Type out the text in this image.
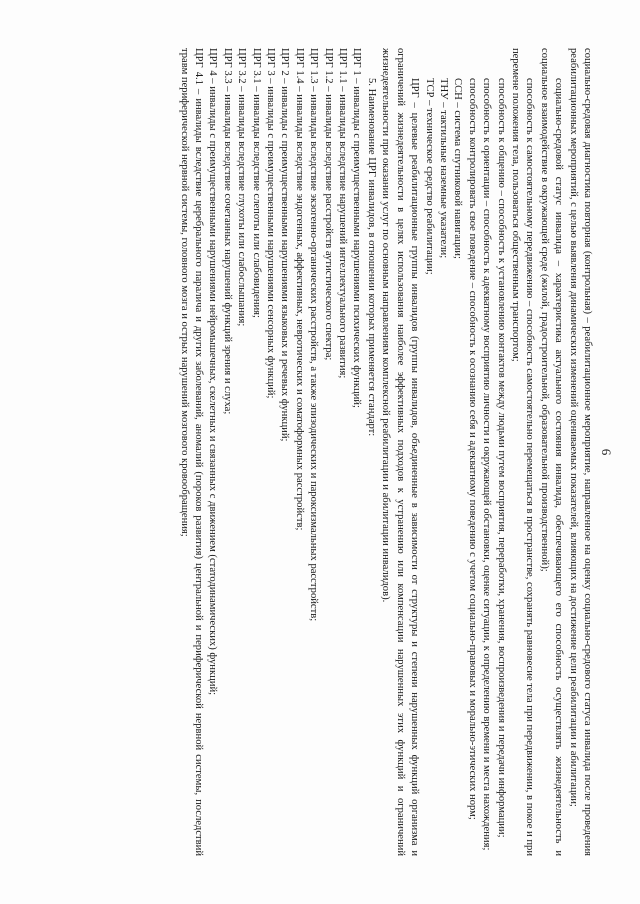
6

социально-средовая диагностика повторная (контрольная) – реабилитационное мероприятие, направленное на оценку социально-средового статуса инвалида после проведения реабилитационных мероприятий, с целью выявления динамических изменений оцениваемых показателей, влияющих на достижение цели реабилитации и абилитации;

социально-средовой статус инвалида – характеристика актуального состояния инвалида, обеспечивающего его способность осуществлять жизнедеятельность и социальное взаимодействие в окружающей среде (жилой, градостроительной, образовательной производственной);

способность к самостоятельному передвижению – способность самостоятельно перемещаться в пространстве, сохранять равновесие тела при передвижении, в покое и при перемене положения тела, пользоваться общественным транспортом;

способность к общению – способность к установлению контактов между людьми путем восприятия, переработки, хранения, воспроизведения и передачи информации;

способность к ориентации – способность к адекватному восприятию личности и окружающей обстановки, оценке ситуации, к определению времени и места нахождения;

способность контролировать свое поведение – способность к осознанию себя и адекватному поведению с учетом социально-правовых и морально-этических норм;

ССН – система спутниковой навигации;

ТНУ – тактильные наземные указатели;

ТСР – техническое средство реабилитации;

ЦРГ – целевые реабилитационные группы инвалидов (группы инвалидов, объединенные в зависимости от структуры и степени нарушенных функций организма и ограничений жизнедеятельности в целях использования наиболее эффективных подходов к устранению или компенсации нарушенных этих функций и ограничений жизнедеятельности при оказании услуг по основным направлениям комплексной реабилитации и абилитации инвалидов).

5. Наименование ЦРГ инвалидов, в отношении которых применяется стандарт:

ЦРГ 1 – инвалиды с преимущественными нарушениями психических функций;

ЦРГ 1.1 – инвалиды вследствие нарушений интеллектуального развития;

ЦРГ 1.2 – инвалиды вследствие расстройств аутистического спектра;

ЦРГ 1.3 – инвалиды вследствие экзогенно-органических расстройств, а также эпизодических и пароксизмальных расстройств;

ЦРГ 1.4 – инвалиды вследствие эндогенных, аффективных, невротических и соматоформных расстройств;

ЦРГ 2 – инвалиды с преимущественными нарушениями языковых и речевых функций;

ЦРГ 3 – инвалиды с преимущественными нарушениями сенсорных функций;

ЦРГ 3.1 – инвалиды вследствие слепоты или слабовидения;

ЦРГ 3.2 – инвалиды вследствие глухоты или слабослышания;

ЦРГ 3.3 – инвалиды вследствие сочетанных нарушений функций зрения и слуха;

ЦРГ 4 – инвалиды с преимущественными нарушениями нейромышечных, скелетных и связанных с движением (статодинамических) функций;

ЦРГ 4.1 – инвалиды вследствие церебрального паралича и других заболеваний, аномалий (пороков развития) центральной и периферической нервной системы, последствий травм периферической нервной системы, головного мозга и острых нарушений мозгового кровообращения;
